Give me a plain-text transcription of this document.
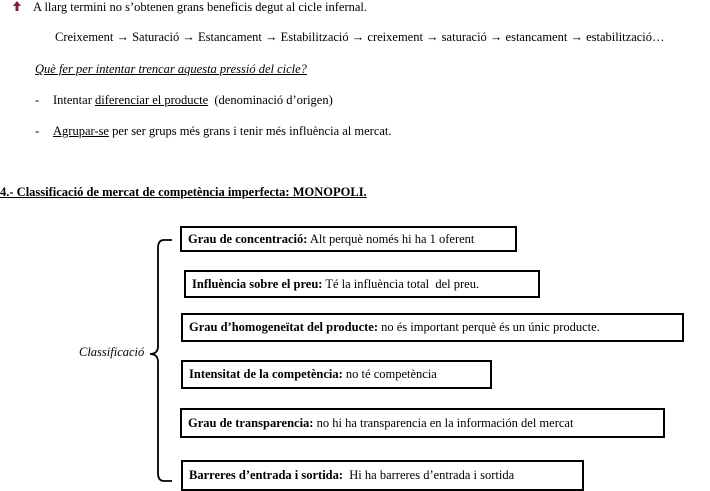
A llarg termini no s’obtenen grans beneficis degut al cicle infernal.
Creixement → Saturació → Estancament → Estabilització → creixement → saturació → estancament → estabilització…
Què fer per intentar trencar aquesta pressió del cicle?
- Intentar diferenciar el producte  (denominació d’origen)
- Agrupar-se per ser grups més grans i tenir més influència al mercat.
4.- Classificació de mercat de competència imperfecta: MONOPOLI.
Classificació
Grau de concentració: Alt perquè només hi ha 1 oferent
Influència sobre el preu: Té la influència total  del preu.
Grau d’homogeneïtat del producte: no és important perquè és un únic producte.
Intensitat de la competència: no té competència
Grau de transparencia: no hi ha transparencia en la información del mercat
Barreres d’entrada i sortida:  Hi ha barreres d’entrada i sortida
